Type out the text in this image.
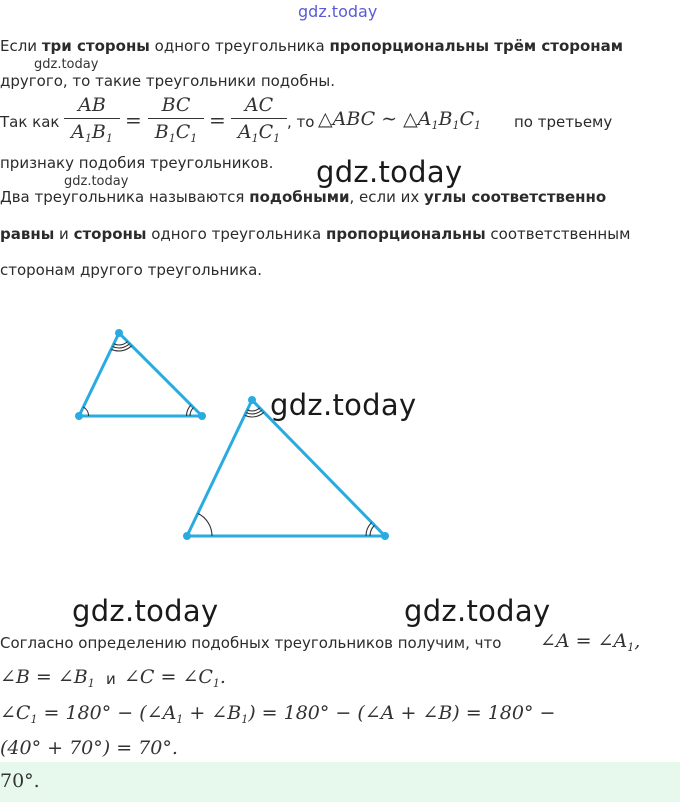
gdz.today
gdz.today
gdz.today	gdz.today
gdz.today
gdz.today	gdz.today
Если три стороны одного треугольника пропорциональны трём сторонам
другого, то такие треугольники подобны.
Так как
AB
$A_1B_1$
=
BC
$B_1C_1$
=
AC
$A_1C_1$
, то △ABC ∼ $\triangle A_1B_1C_1$ по третьему
признаку подобия треугольников.
Два треугольника называются подобными, если их углы соответственно
равны и стороны одного треугольника пропорциональны соответственным
сторонам другого треугольника.
Согласно определению подобных треугольников получим, что ∠A = $\angle A_1$,
∠B = $\angle B_1$ и ∠C = $\angle C_1$.
$\angle C_1 = 180^\circ$ − ($\angle A_1$ + $\angle B_1) = 180^\circ$ − (∠A + ∠B) = 180° −
(40° + 70°) = 70°.
70°.
